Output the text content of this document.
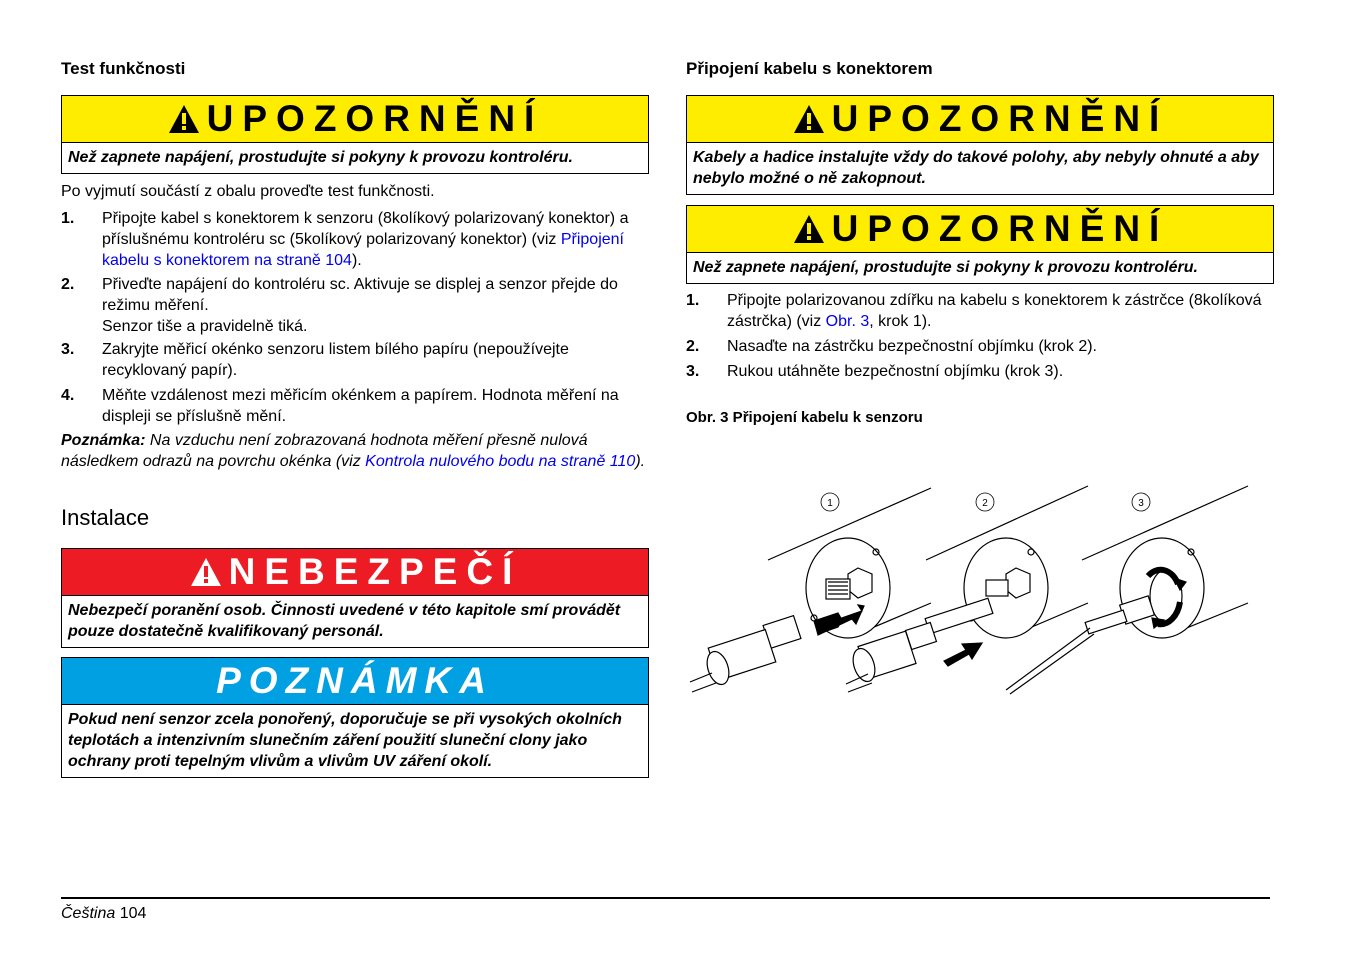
Test funkčnosti
UPOZORNĚNÍ
Než zapnete napájení, prostudujte si pokyny k provozu kontroléru.

Po vyjmutí součástí z obalu proveďte test funkčnosti.

1.	Připojte kabel s konektorem k senzoru (8kolíkový polarizovaný konektor) a příslušnému kontroléru sc (5kolíkový polarizovaný konektor) (viz Připojení kabelu s konektorem na straně 104).
2.	Přiveďte napájení do kontroléru sc. Aktivuje se displej a senzor přejde do režimu měření.
Senzor tiše a pravidelně tiká.
3.	Zakryjte měřicí okénko senzoru listem bílého papíru (nepoužívejte recyklovaný papír).
4.	Měňte vzdálenost mezi měřicím okénkem a papírem. Hodnota měření na displeji se příslušně mění.

Poznámka: Na vzduchu není zobrazovaná hodnota měření přesně nulová následkem odrazů na povrchu okénka (viz Kontrola nulového bodu na straně 110).

Instalace
NEBEZPEČÍ
Nebezpečí poranění osob. Činnosti uvedené v této kapitole smí provádět pouze dostatečně kvalifikovaný personál.
POZNÁMKA
Pokud není senzor zcela ponořený, doporučuje se při vysokých okolních teplotách a intenzivním slunečním záření použití sluneční clony jako ochrany proti tepelným vlivům a vlivům UV záření okolí.
Připojení kabelu s konektorem
UPOZORNĚNÍ
Kabely a hadice instalujte vždy do takové polohy, aby nebyly ohnuté a aby nebylo možné o ně zakopnout.
UPOZORNĚNÍ
Než zapnete napájení, prostudujte si pokyny k provozu kontroléru.
1.	Připojte polarizovanou zdířku na kabelu s konektorem k zástrčce (8kolíková zástrčka) (viz Obr. 3, krok 1).
2.	Nasaďte na zástrčku bezpečnostní objímku (krok 2).
3.	Rukou utáhněte bezpečnostní objímku (krok 3).
Obr. 3 Připojení kabelu k senzoru
1	2	3
Čeština 104
